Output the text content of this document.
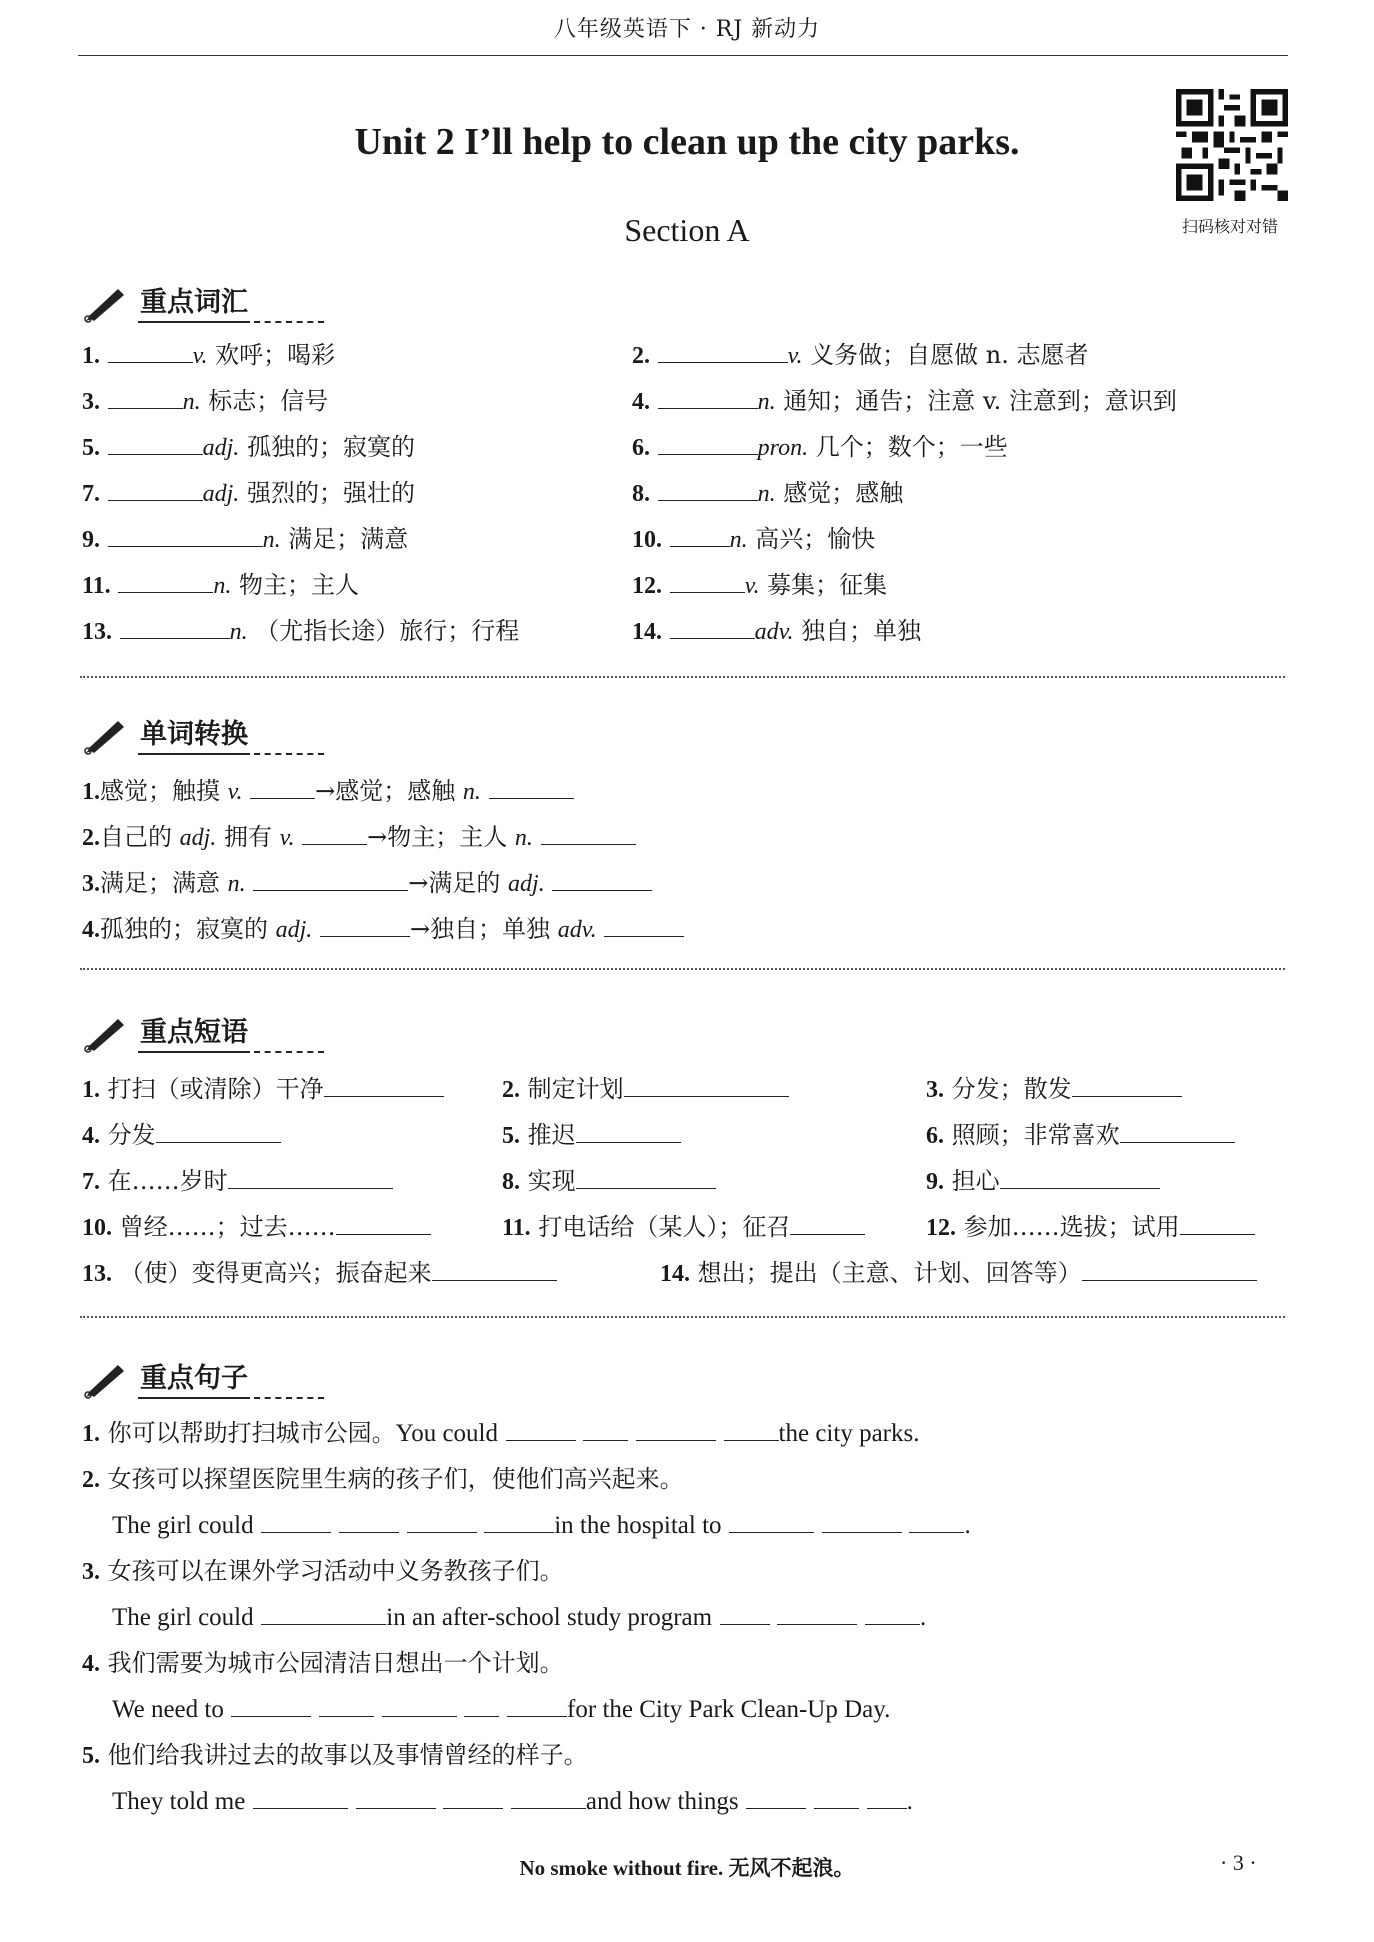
八年级英语下 · RJ 新动力
Unit 2 I’ll help to clean up the city parks.
Section A	扫码核对对错
重点词汇
1.	v. 欢呼；喝彩	2.	v. 义务做；自愿做 n. 志愿者
3.	n. 标志；信号	4.	n. 通知；通告；注意 v. 注意到；意识到
5.	adj. 孤独的；寂寞的	6.	pron. 几个；数个；一些
7.	adj. 强烈的；强壮的	8.	n. 感觉；感触
9.	n. 满足；满意	10.	n. 高兴；愉快
11.	n. 物主；主人	12.	v. 募集；征集
13.	n. （尤指长途）旅行；行程	14.	adv. 独自；单独
单词转换
1.感觉；触摸 v.	→感觉；感触 n.
2.自己的 adj. 拥有 v.	→物主；主人 n.
3.满足；满意 n.	→满足的 adj.
4.孤独的；寂寞的 adj.	→独自；单独 adv.
重点短语
1. 打扫（或清除）干净	2. 制定计划	3. 分发；散发
4. 分发	5. 推迟	6. 照顾；非常喜欢
7. 在……岁时	8. 实现	9. 担心
10. 曾经……；过去……	11. 打电话给（某人）；征召	12. 参加……选拔；试用
13. （使）变得更高兴；振奋起来	14. 想出；提出（主意、计划、回答等）
重点句子
1. 你可以帮助打扫城市公园。You could	the city parks.
2. 女孩可以探望医院里生病的孩子们，使他们高兴起来。
The girl could	in the hospital to	.
3. 女孩可以在课外学习活动中义务教孩子们。
The girl could	in an after-school study program	.
4. 我们需要为城市公园清洁日想出一个计划。
We need to	for the City Park Clean-Up Day.
5. 他们给我讲过去的故事以及事情曾经的样子。
They told me	and how things	.
No smoke without fire. 无风不起浪。	· 3 ·
